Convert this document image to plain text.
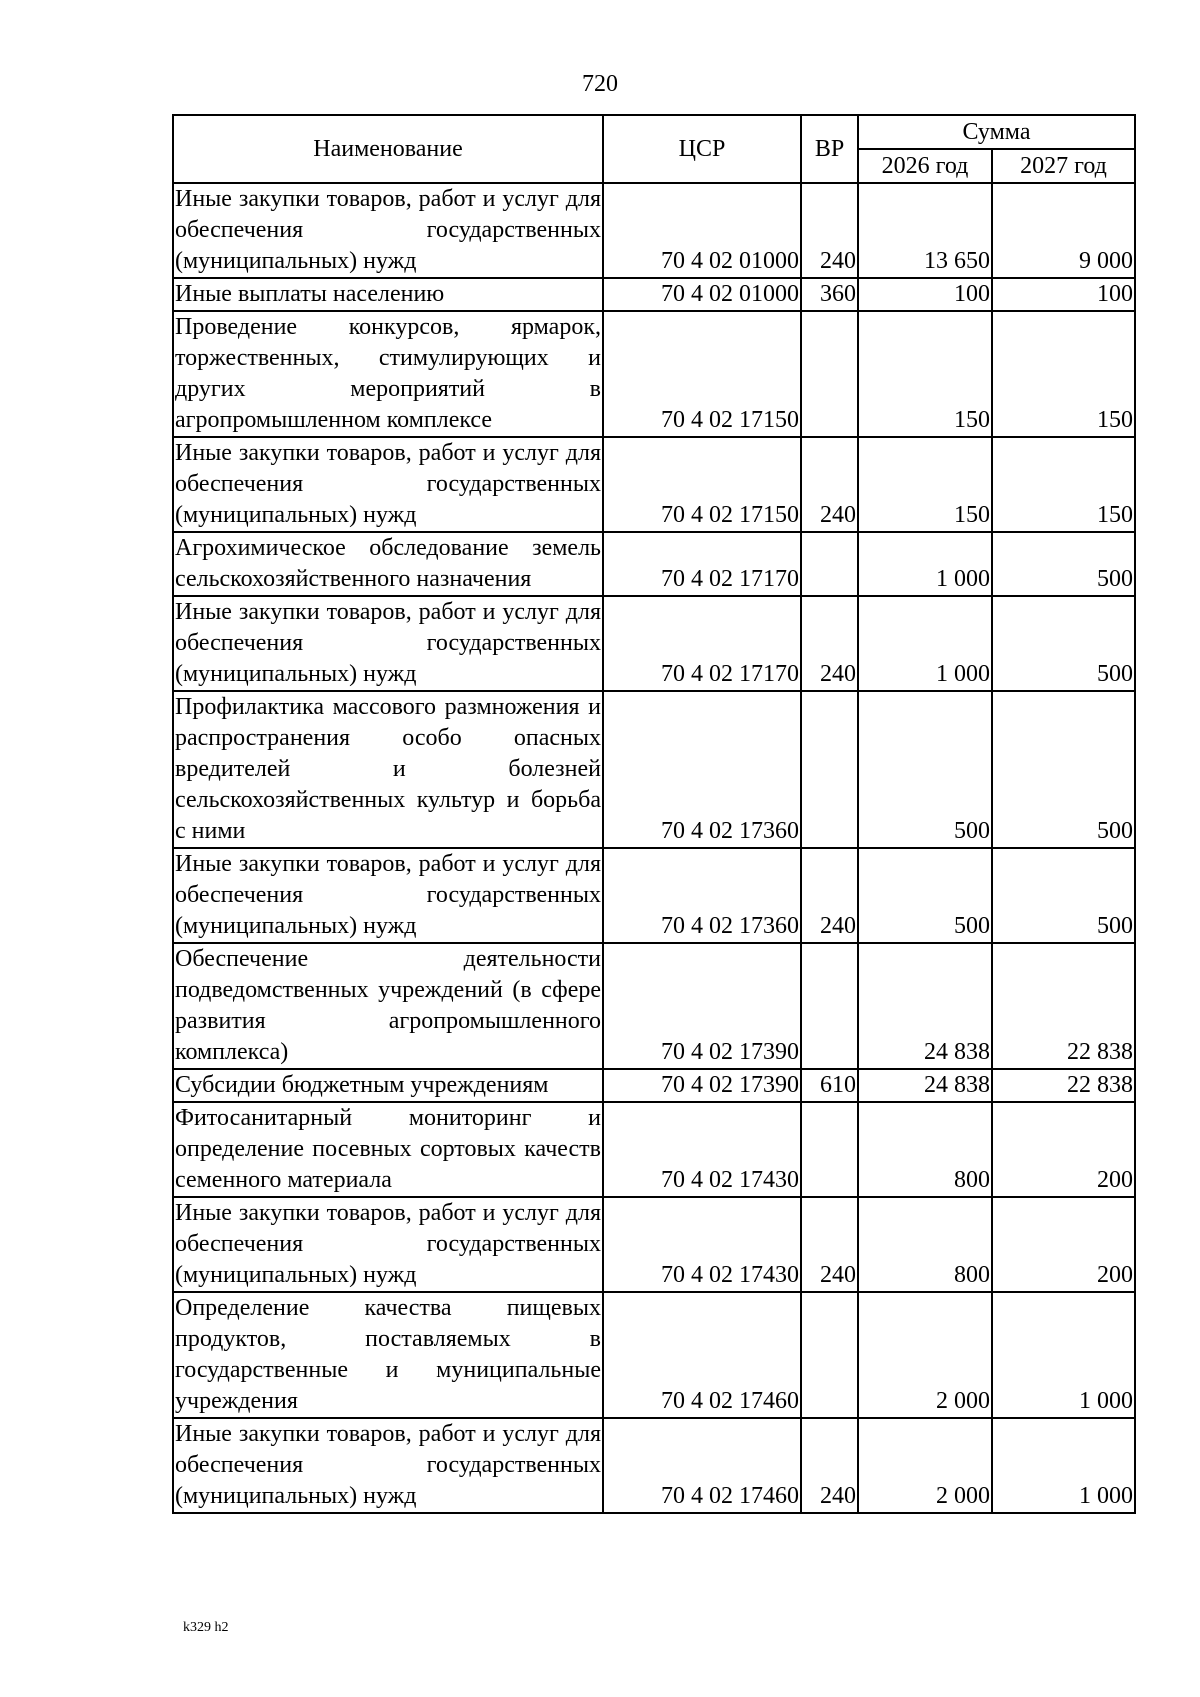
720
Наименование	ЦСР	ВР	Сумма	
			2026 год	2027 год
Иные закупки товаров, работ и услуг для обеспечения государственных (муниципальных) нужд	70 4 02 01000	240	13 650	9 000
Иные выплаты населению	70 4 02 01000	360	100	100
Проведение конкурсов, ярмарок, торжественных, стимулирующих и других мероприятий в агропромышленном комплексе	70 4 02 17150		150	150
Иные закупки товаров, работ и услуг для обеспечения государственных (муниципальных) нужд	70 4 02 17150	240	150	150
Агрохимическое обследование земель сельскохозяйственного назначения	70 4 02 17170		1 000	500
Иные закупки товаров, работ и услуг для обеспечения государственных (муниципальных) нужд	70 4 02 17170	240	1 000	500
Профилактика массового размножения и распространения особо опасных вредителей и болезней сельскохозяйственных культур и борьба с ними	70 4 02 17360		500	500
Иные закупки товаров, работ и услуг для обеспечения государственных (муниципальных) нужд	70 4 02 17360	240	500	500
Обеспечение деятельности подведомственных учреждений (в сфере развития агропромышленного комплекса)	70 4 02 17390		24 838	22 838
Субсидии бюджетным учреждениям	70 4 02 17390	610	24 838	22 838
Фитосанитарный мониторинг и определение посевных сортовых качеств семенного материала	70 4 02 17430		800	200
Иные закупки товаров, работ и услуг для обеспечения государственных (муниципальных) нужд	70 4 02 17430	240	800	200
Определение качества пищевых продуктов, поставляемых в государственные и муниципальные учреждения	70 4 02 17460		2 000	1 000
Иные закупки товаров, работ и услуг для обеспечения государственных (муниципальных) нужд	70 4 02 17460	240	2 000	1 000
k329 h2
